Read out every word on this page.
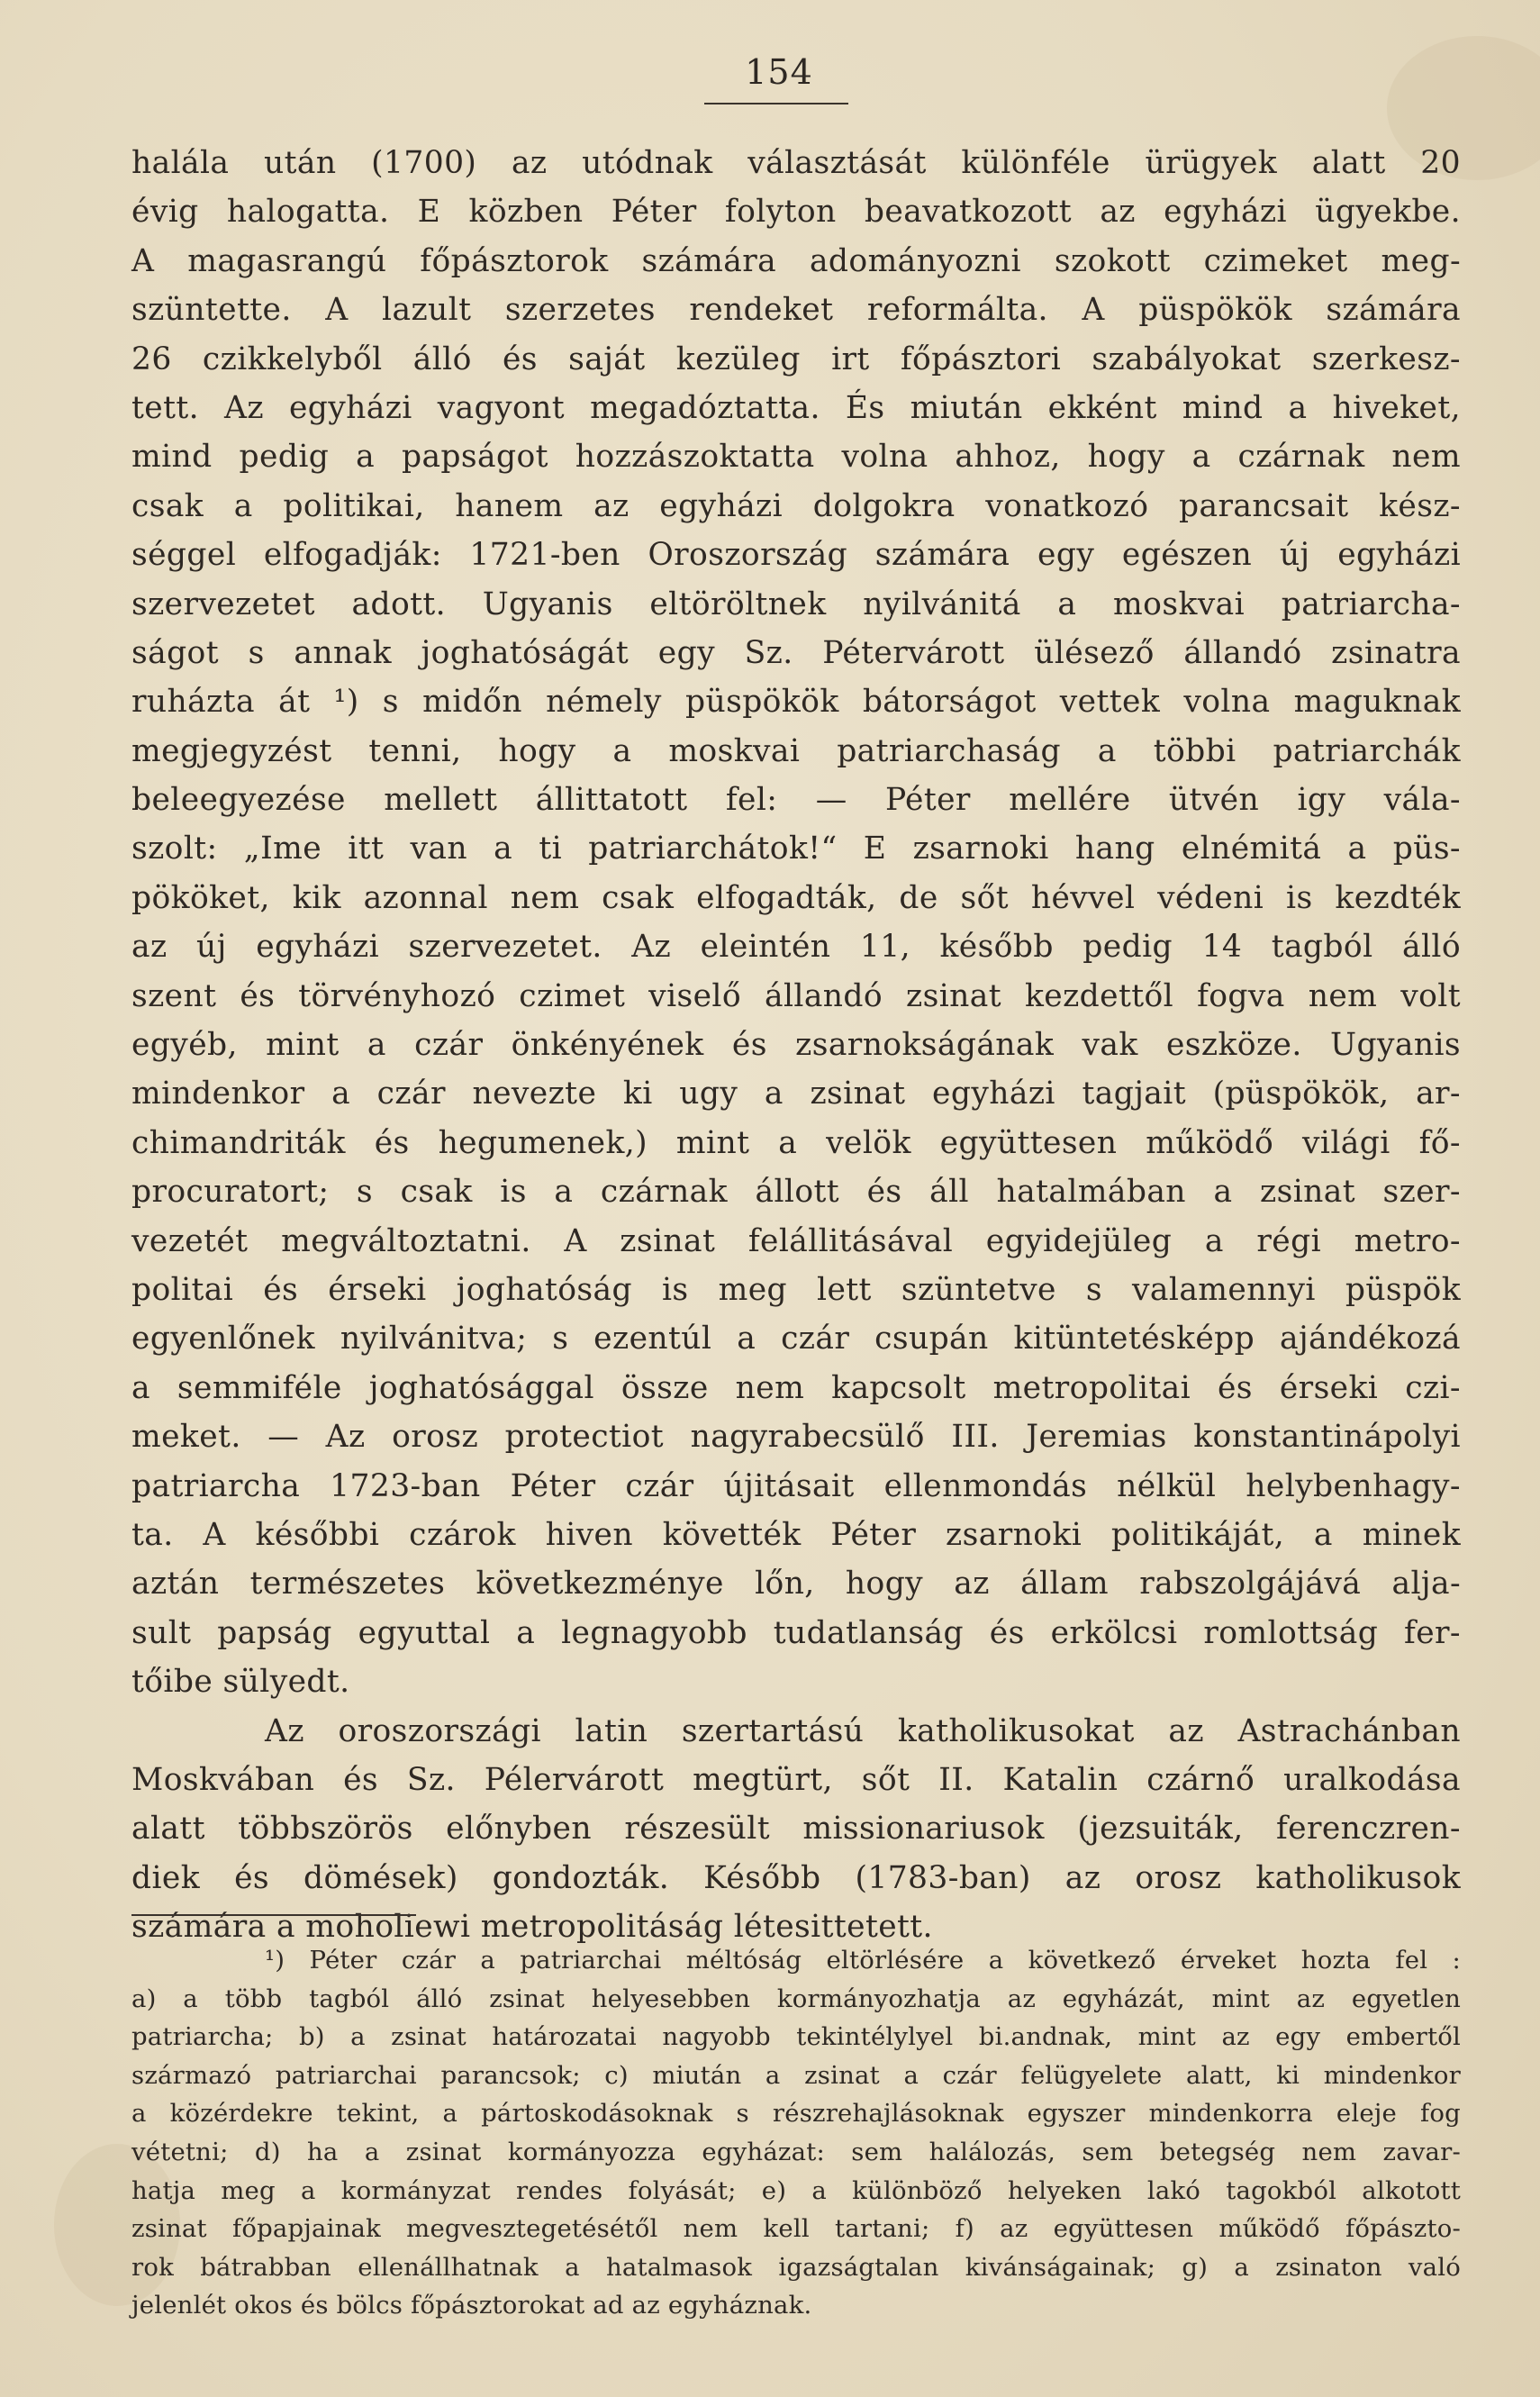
154
halála után (1700) az utódnak választását különféle ürügyek alatt 20
évig halogatta. E közben Péter folyton beavatkozott az egyházi ügyekbe.
A magasrangú főpásztorok számára adományozni szokott czimeket meg-
szüntette. A lazult szerzetes rendeket reformálta. A püspökök számára
26 czikkelyből álló és saját kezüleg irt főpásztori szabályokat szerkesz-
tett. Az egyházi vagyont megadóztatta. És miután ekként mind a hiveket,
mind pedig a papságot hozzászoktatta volna ahhoz, hogy a czárnak nem
csak a politikai, hanem az egyházi dolgokra vonatkozó parancsait kész-
séggel elfogadják: 1721-ben Oroszország számára egy egészen új egyházi
szervezetet adott. Ugyanis eltöröltnek nyilvánitá a moskvai patriarcha-
ságot s annak joghatóságát egy Sz. Pétervárott ülésező állandó zsinatra
ruházta át ¹) s midőn némely püspökök bátorságot vettek volna maguknak
megjegyzést tenni, hogy a moskvai patriarchaság a többi patriarchák
beleegyezése mellett állittatott fel: — Péter mellére ütvén igy vála-
szolt: „Ime itt van a ti patriarchátok!“ E zsarnoki hang elnémitá a püs-
pököket, kik azonnal nem csak elfogadták, de sőt hévvel védeni is kezdték
az új egyházi szervezetet. Az eleintén 11, később pedig 14 tagból álló
szent és törvényhozó czimet viselő állandó zsinat kezdettől fogva nem volt
egyéb, mint a czár önkényének és zsarnokságának vak eszköze. Ugyanis
mindenkor a czár nevezte ki ugy a zsinat egyházi tagjait (püspökök, ar-
chimandriták és hegumenek,) mint a velök együttesen működő világi fő-
procuratort; s csak is a czárnak állott és áll hatalmában a zsinat szer-
vezetét megváltoztatni. A zsinat felállitásával egyidejüleg a régi metro-
politai és érseki joghatóság is meg lett szüntetve s valamennyi püspök
egyenlőnek nyilvánitva; s ezentúl a czár csupán kitüntetésképp ajándékozá
a semmiféle joghatósággal össze nem kapcsolt metropolitai és érseki czi-
meket. — Az orosz protectiot nagyrabecsülő III. Jeremias konstantinápolyi
patriarcha 1723-ban Péter czár újitásait ellenmondás nélkül helybenhagy-
ta. A későbbi czárok hiven követték Péter zsarnoki politikáját, a minek
aztán természetes következménye lőn, hogy az állam rabszolgájává alja-
sult papság egyuttal a legnagyobb tudatlanság és erkölcsi romlottság fer-
tőibe sülyedt.
Az oroszországi latin szertartású katholikusokat az Astrachánban
Moskvában és Sz. Pélervárott megtürt, sőt II. Katalin czárnő uralkodása
alatt többszörös előnyben részesült missionariusok (jezsuiták, ferenczren-
diek és dömések) gondozták. Később (1783-ban) az orosz katholikusok
számára a moholiewi metropolitáság létesittetett.
¹) Péter czár a patriarchai méltóság eltörlésére a következő érveket hozta fel :
a) a több tagból álló zsinat helyesebben kormányozhatja az egyházát, mint az egyetlen
patriarcha; b) a zsinat határozatai nagyobb tekintélylyel bi.andnak, mint az egy embertől
származó patriarchai parancsok; c) miután a zsinat a czár felügyelete alatt, ki mindenkor
a közérdekre tekint, a pártoskodásoknak s részrehajlásoknak egyszer mindenkorra eleje fog
vétetni; d) ha a zsinat kormányozza egyházat: sem halálozás, sem betegség nem zavar-
hatja meg a kormányzat rendes folyását; e) a különböző helyeken lakó tagokból alkotott
zsinat főpapjainak megvesztegetésétől nem kell tartani; f) az együttesen működő főpászto-
rok bátrabban ellenállhatnak a hatalmasok igazságtalan kivánságainak; g) a zsinaton való
jelenlét okos és bölcs főpásztorokat ad az egyháznak.
